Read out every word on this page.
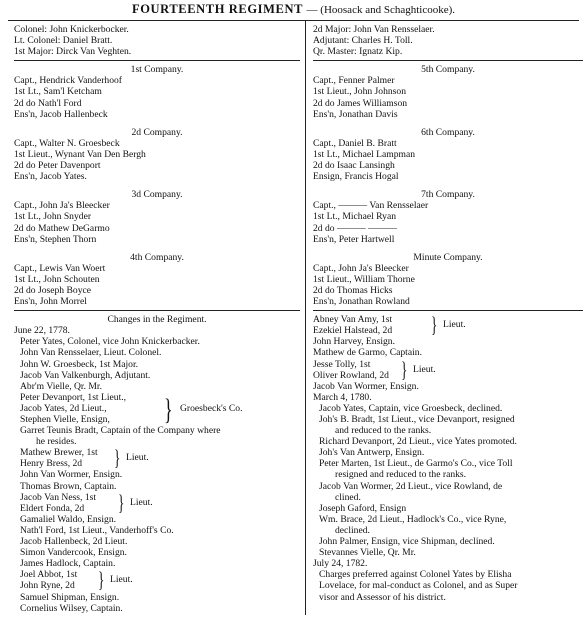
FOURTEENTH REGIMENT — (Hoosack and Schaghticooke).
Colonel: John Knickerbocker.
Lt. Colonel: Daniel Bratt.
1st Major: Dirck Van Veghten.
1st Company.
Capt., Hendrick Vanderhoof
1st Lt., Sam'l Ketcham
2d do Nath'l Ford
Ens'n, Jacob Hallenbeck
2d Company.
Capt., Walter N. Groesbeck
1st Lieut., Wynant Van Den Bergh
2d do Peter Davenport
Ens'n, Jacob Yates.
3d Company.
Capt., John Ja's Bleecker
1st Lt., John Snyder
2d do Mathew DeGarmo
Ens'n, Stephen Thorn
4th Company.
Capt., Lewis Van Woert
1st Lt., John Schouten
2d do Joseph Boyce
Ens'n, John Morrel
Changes in the Regiment.
June 22, 1778.
Peter Yates, Colonel, vice John Knickerbacker.
John Van Rensselaer, Lieut. Colonel.
John W. Groesbeck, 1st Major.
Jacob Van Valkenburgh, Adjutant.
Abr'm Vielle, Qr. Mr.
Peter Devanport, 1st Lieut.,
Jacob Yates, 2d Lieut.,
Stephen Vielle, Ensign,	} Groesbeck's Co.
Garret Teunis Bradt, Captain of the Company where
he resides.
Mathew Brewer, 1st
Henry Bress, 2d	} Lieut.
John Van Wormer, Ensign.
Thomas Brown, Captain.
Jacob Van Ness, 1st
Eldert Fonda, 2d	} Lieut.
Gamaliel Waldo, Ensign.
Nath'l Ford, 1st Lieut., Vanderhoff's Co.
Jacob Hallenbeck, 2d Lieut.
Simon Vandercook, Ensign.
James Hadlock, Captain.
Joel Abbot, 1st
John Ryne, 2d	} Lieut.
Samuel Shipman, Ensign.
Cornelius Wilsey, Captain.
2d Major: John Van Rensselaer.
Adjutant: Charles H. Toll.
Qr. Master: Ignatz Kip.
5th Company.
Capt., Fenner Palmer
1st Lieut., John Johnson
2d do James Williamson
Ens'n, Jonathan Davis
6th Company.
Capt., Daniel B. Bratt
1st Lt., Michael Lampman
2d do Isaac Lansingh
Ensign, Francis Hogal
7th Company.
Capt., ——— Van Rensselaer
1st Lt., Michael Ryan
2d do ——— ———
Ens'n, Peter Hartwell
Minute Company.
Capt., John Ja's Bleecker
1st Lieut., William Thorne
2d do Thomas Hicks
Ens'n, Jonathan Rowland
Abney Van Amy, 1st
Ezekiel Halstead, 2d	} Lieut.
John Harvey, Ensign.
Mathew de Garmo, Captain.
Jesse Tolly, 1st
Oliver Rowland, 2d } Lieut.
Jacob Van Wormer, Ensign.
March 4, 1780.
Jacob Yates, Captain, vice Groesbeck, declined.
Joh's B. Bradt, 1st Lieut., vice Devanport, resigned
and reduced to the ranks.
Richard Devanport, 2d Lieut., vice Yates promoted.
Joh's Van Antwerp, Ensign.
Peter Marten, 1st Lieut., de Garmo's Co., vice Toll
resigned and reduced to the ranks.
Jacob Van Wormer, 2d Lieut., vice Rowland, de
clined.
Joseph Gaford, Ensign
Wm. Brace, 2d Lieut., Hadlock's Co., vice Ryne,
declined.
John Palmer, Ensign, vice Shipman, declined.
Stevannes Vielle, Qr. Mr.
July 24, 1782.
Charges preferred against Colonel Yates by Elisha
Lovelace, for mal-conduct as Colonel, and as Super
visor and Assessor of his district.
